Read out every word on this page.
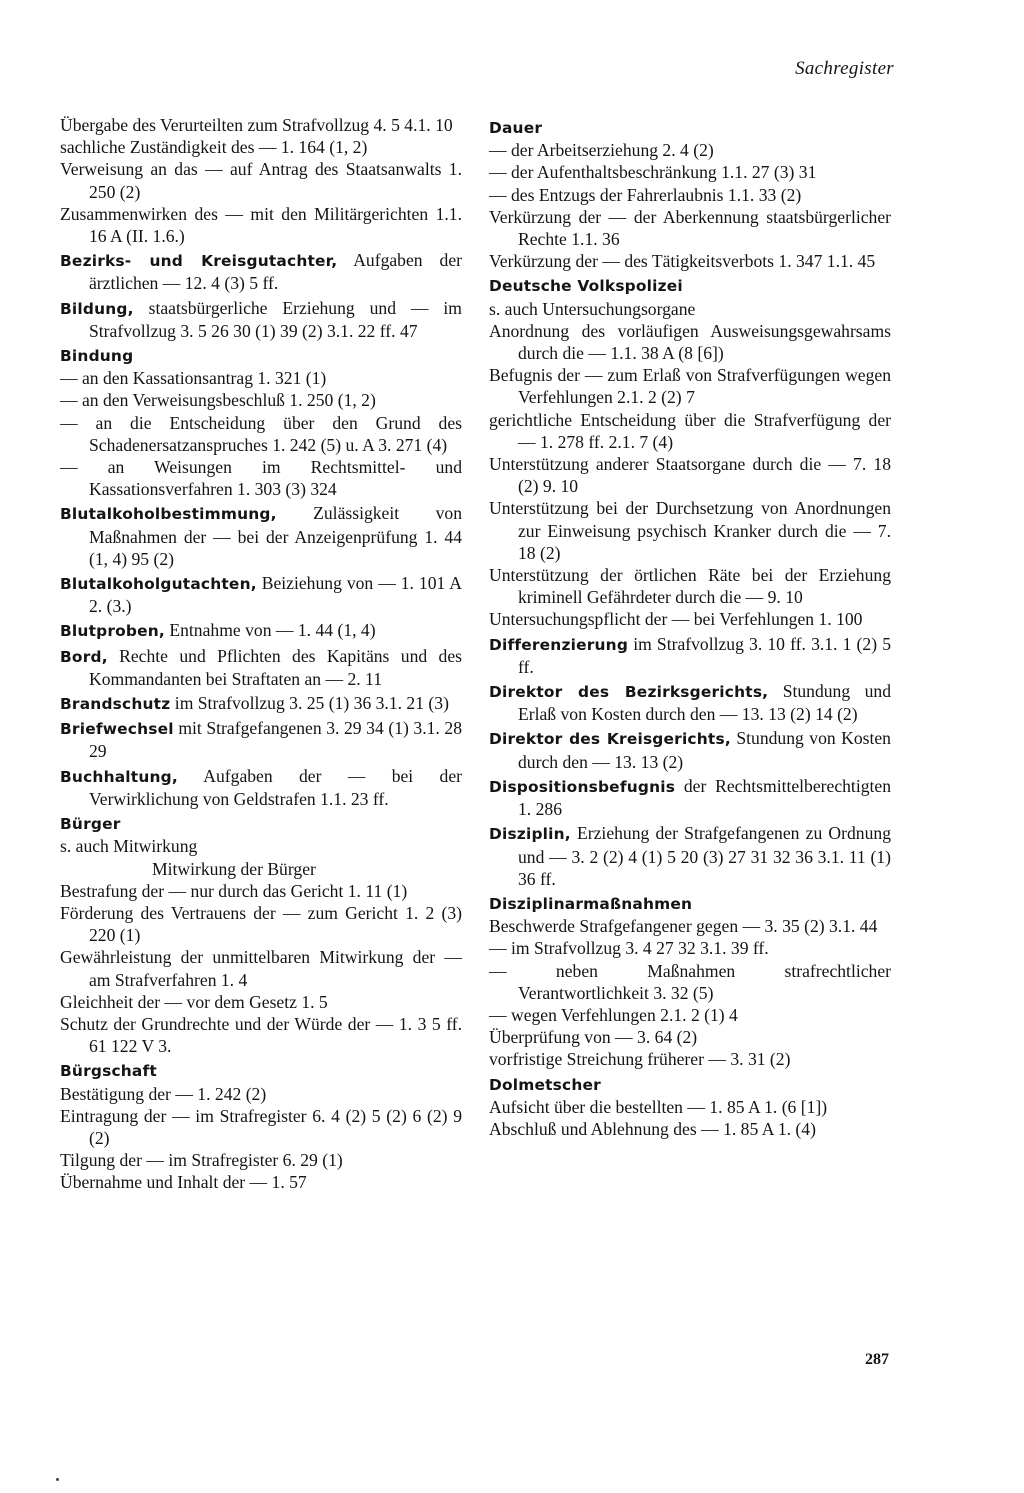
Sachregister
Übergabe des Verurteilten zum Strafvollzug 4. 5 4.1. 10
sachliche Zuständigkeit des — 1. 164 (1, 2)
Verweisung an das — auf Antrag des Staatsanwalts 1. 250 (2)
Zusammenwirken des — mit den Militärgerichten 1.1. 16 A (II. 1.6.)
Bezirks- und Kreisgutachter, Aufgaben der ärztlichen — 12. 4 (3) 5 ff.
Bildung, staatsbürgerliche Erziehung und — im Strafvollzug 3. 5 26 30 (1) 39 (2) 3.1. 22 ff. 47
Bindung
— an den Kassationsantrag 1. 321 (1)
— an den Verweisungsbeschluß 1. 250 (1, 2)
— an die Entscheidung über den Grund des Schadenersatzanspruches 1. 242 (5) u. A 3. 271 (4)
— an Weisungen im Rechtsmittel- und Kassationsverfahren 1. 303 (3) 324
Blutalkoholbestimmung, Zulässigkeit von Maßnahmen der — bei der Anzeigenprüfung 1. 44 (1, 4) 95 (2)
Blutalkoholgutachten, Beiziehung von — 1. 101 A 2. (3.)
Blutproben, Entnahme von — 1. 44 (1, 4)
Bord, Rechte und Pflichten des Kapitäns und des Kommandanten bei Straftaten an — 2. 11
Brandschutz im Strafvollzug 3. 25 (1) 36 3.1. 21 (3)
Briefwechsel mit Strafgefangenen 3. 29 34 (1) 3.1. 28 29
Buchhaltung, Aufgaben der — bei der Verwirklichung von Geldstrafen 1.1. 23 ff.
Bürger
s. auch Mitwirkung
Mitwirkung der Bürger
Bestrafung der — nur durch das Gericht 1. 11 (1)
Förderung des Vertrauens der — zum Gericht 1. 2 (3) 220 (1)
Gewährleistung der unmittelbaren Mitwirkung der — am Strafverfahren 1. 4
Gleichheit der — vor dem Gesetz 1. 5
Schutz der Grundrechte und der Würde der — 1. 3 5 ff. 61 122 V 3.
Bürgschaft
Bestätigung der — 1. 242 (2)
Eintragung der — im Strafregister 6. 4 (2) 5 (2) 6 (2) 9 (2)
Tilgung der — im Strafregister 6. 29 (1)
Übernahme und Inhalt der — 1. 57
Dauer
— der Arbeitserziehung 2. 4 (2)
— der Aufenthaltsbeschränkung 1.1. 27 (3) 31
— des Entzugs der Fahrerlaubnis 1.1. 33 (2)
Verkürzung der — der Aberkennung staatsbürgerlicher Rechte 1.1. 36
Verkürzung der — des Tätigkeitsverbots 1. 347 1.1. 45
Deutsche Volkspolizei
s. auch Untersuchungsorgane
Anordnung des vorläufigen Ausweisungsgewahrsams durch die — 1.1. 38 A (8 [6])
Befugnis der — zum Erlaß von Strafverfügungen wegen Verfehlungen 2.1. 2 (2) 7
gerichtliche Entscheidung über die Strafverfügung der — 1. 278 ff. 2.1. 7 (4)
Unterstützung anderer Staatsorgane durch die — 7. 18 (2) 9. 10
Unterstützung bei der Durchsetzung von Anordnungen zur Einweisung psychisch Kranker durch die — 7. 18 (2)
Unterstützung der örtlichen Räte bei der Erziehung kriminell Gefährdeter durch die — 9. 10
Untersuchungspflicht der — bei Verfehlungen 1. 100
Differenzierung im Strafvollzug 3. 10 ff. 3.1. 1 (2) 5 ff.
Direktor des Bezirksgerichts, Stundung und Erlaß von Kosten durch den — 13. 13 (2) 14 (2)
Direktor des Kreisgerichts, Stundung von Kosten durch den — 13. 13 (2)
Dispositionsbefugnis der Rechtsmittelberechtigten 1. 286
Disziplin, Erziehung der Strafgefangenen zu Ordnung und — 3. 2 (2) 4 (1) 5 20 (3) 27 31 32 36 3.1. 11 (1) 36 ff.
Disziplinarmaßnahmen
Beschwerde Strafgefangener gegen — 3. 35 (2) 3.1. 44
— im Strafvollzug 3. 4 27 32 3.1. 39 ff.
— neben Maßnahmen strafrechtlicher Verantwortlichkeit 3. 32 (5)
— wegen Verfehlungen 2.1. 2 (1) 4
Überprüfung von — 3. 64 (2)
vorfristige Streichung früherer — 3. 31 (2)
Dolmetscher
Aufsicht über die bestellten — 1. 85 A 1. (6 [1])
Abschluß und Ablehnung des — 1. 85 A 1. (4)
287
